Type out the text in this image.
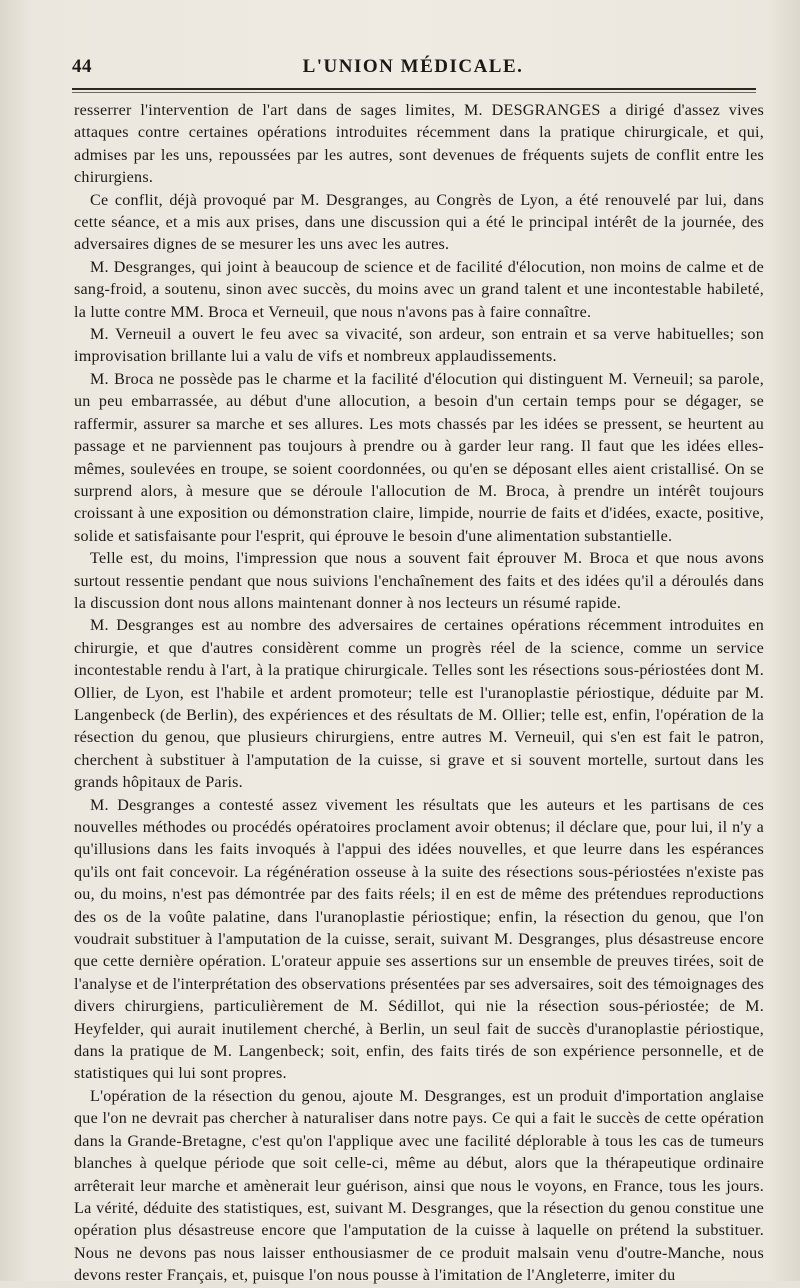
44	L'UNION MÉDICALE.

resserrer l'intervention de l'art dans de sages limites, M. DESGRANGES a dirigé d'assez vives attaques contre certaines opérations introduites récemment dans la pratique chirurgicale, et qui, admises par les uns, repoussées par les autres, sont devenues de fréquents sujets de conflit entre les chirurgiens.

Ce conflit, déjà provoqué par M. Desgranges, au Congrès de Lyon, a été renouvelé par lui, dans cette séance, et a mis aux prises, dans une discussion qui a été le principal intérêt de la journée, des adversaires dignes de se mesurer les uns avec les autres.

M. Desgranges, qui joint à beaucoup de science et de facilité d'élocution, non moins de calme et de sang-froid, a soutenu, sinon avec succès, du moins avec un grand talent et une incontestable habileté, la lutte contre MM. Broca et Verneuil, que nous n'avons pas à faire connaître.

M. Verneuil a ouvert le feu avec sa vivacité, son ardeur, son entrain et sa verve habituelles; son improvisation brillante lui a valu de vifs et nombreux applaudissements.

M. Broca ne possède pas le charme et la facilité d'élocution qui distinguent M. Verneuil; sa parole, un peu embarrassée, au début d'une allocution, a besoin d'un certain temps pour se dégager, se raffermir, assurer sa marche et ses allures. Les mots chassés par les idées se pressent, se heurtent au passage et ne parviennent pas toujours à prendre ou à garder leur rang. Il faut que les idées elles-mêmes, soulevées en troupe, se soient coordonnées, ou qu'en se déposant elles aient cristallisé. On se surprend alors, à mesure que se déroule l'allocution de M. Broca, à prendre un intérêt toujours croissant à une exposition ou démonstration claire, limpide, nourrie de faits et d'idées, exacte, positive, solide et satisfaisante pour l'esprit, qui éprouve le besoin d'une alimentation substantielle.

Telle est, du moins, l'impression que nous a souvent fait éprouver M. Broca et que nous avons surtout ressentie pendant que nous suivions l'enchaînement des faits et des idées qu'il a déroulés dans la discussion dont nous allons maintenant donner à nos lecteurs un résumé rapide.

M. Desgranges est au nombre des adversaires de certaines opérations récemment introduites en chirurgie, et que d'autres considèrent comme un progrès réel de la science, comme un service incontestable rendu à l'art, à la pratique chirurgicale. Telles sont les résections sous-périostées dont M. Ollier, de Lyon, est l'habile et ardent promoteur; telle est l'uranoplastie périostique, déduite par M. Langenbeck (de Berlin), des expériences et des résultats de M. Ollier; telle est, enfin, l'opération de la résection du genou, que plusieurs chirurgiens, entre autres M. Verneuil, qui s'en est fait le patron, cherchent à substituer à l'amputation de la cuisse, si grave et si souvent mortelle, surtout dans les grands hôpitaux de Paris.

M. Desgranges a contesté assez vivement les résultats que les auteurs et les partisans de ces nouvelles méthodes ou procédés opératoires proclament avoir obtenus; il déclare que, pour lui, il n'y a qu'illusions dans les faits invoqués à l'appui des idées nouvelles, et que leurre dans les espérances qu'ils ont fait concevoir. La régénération osseuse à la suite des résections sous-périostées n'existe pas ou, du moins, n'est pas démontrée par des faits réels; il en est de même des prétendues reproductions des os de la voûte palatine, dans l'uranoplastie périostique; enfin, la résection du genou, que l'on voudrait substituer à l'amputation de la cuisse, serait, suivant M. Desgranges, plus désastreuse encore que cette dernière opération. L'orateur appuie ses assertions sur un ensemble de preuves tirées, soit de l'analyse et de l'interprétation des observations présentées par ses adversaires, soit des témoignages des divers chirurgiens, particulièrement de M. Sédillot, qui nie la résection sous-périostée; de M. Heyfelder, qui aurait inutilement cherché, à Berlin, un seul fait de succès d'uranoplastie périostique, dans la pratique de M. Langenbeck; soit, enfin, des faits tirés de son expérience personnelle, et de statistiques qui lui sont propres.

L'opération de la résection du genou, ajoute M. Desgranges, est un produit d'importation anglaise que l'on ne devrait pas chercher à naturaliser dans notre pays. Ce qui a fait le succès de cette opération dans la Grande-Bretagne, c'est qu'on l'applique avec une facilité déplorable à tous les cas de tumeurs blanches à quelque période que soit celle-ci, même au début, alors que la thérapeutique ordinaire arrêterait leur marche et amènerait leur guérison, ainsi que nous le voyons, en France, tous les jours. La vérité, déduite des statistiques, est, suivant M. Desgranges, que la résection du genou constitue une opération plus désastreuse encore que l'amputation de la cuisse à laquelle on prétend la substituer. Nous ne devons pas nous laisser enthousiasmer de ce produit malsain venu d'outre-Manche, nous devons rester Français, et, puisque l'on nous pousse à l'imitation de l'Angleterre, imiter du
